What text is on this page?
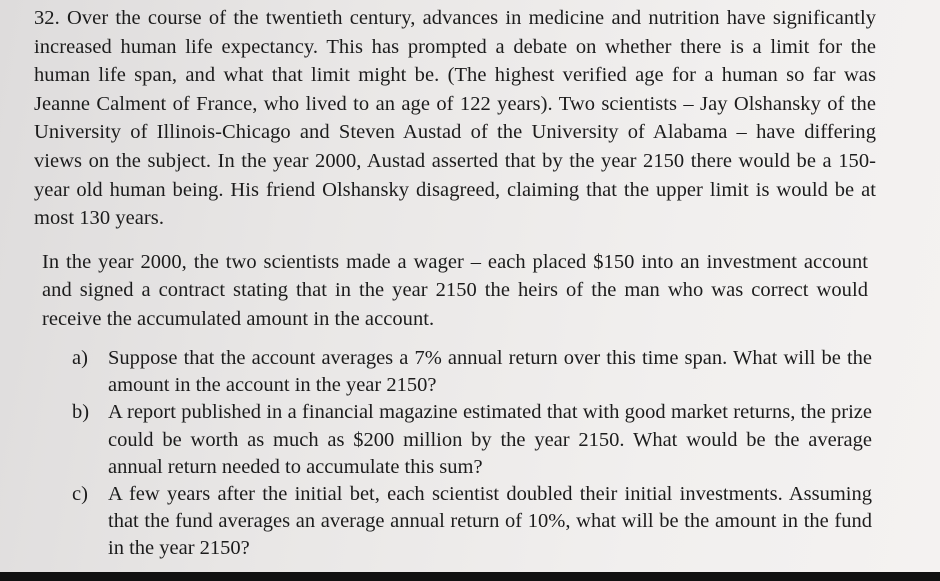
32. Over the course of the twentieth century, advances in medicine and nutrition have significantly increased human life expectancy. This has prompted a debate on whether there is a limit for the human life span, and what that limit might be. (The highest verified age for a human so far was Jeanne Calment of France, who lived to an age of 122 years). Two scientists – Jay Olshansky of the University of Illinois-Chicago and Steven Austad of the University of Alabama – have differing views on the subject. In the year 2000, Austad asserted that by the year 2150 there would be a 150-year old human being. His friend Olshansky disagreed, claiming that the upper limit is would be at most 130 years.

In the year 2000, the two scientists made a wager – each placed $150 into an investment account and signed a contract stating that in the year 2150 the heirs of the man who was correct would receive the accumulated amount in the account.

a) Suppose that the account averages a 7% annual return over this time span. What will be the amount in the account in the year 2150?
b) A report published in a financial magazine estimated that with good market returns, the prize could be worth as much as $200 million by the year 2150. What would be the average annual return needed to accumulate this sum?
c) A few years after the initial bet, each scientist doubled their initial investments. Assuming that the fund averages an average annual return of 10%, what will be the amount in the fund in the year 2150?
